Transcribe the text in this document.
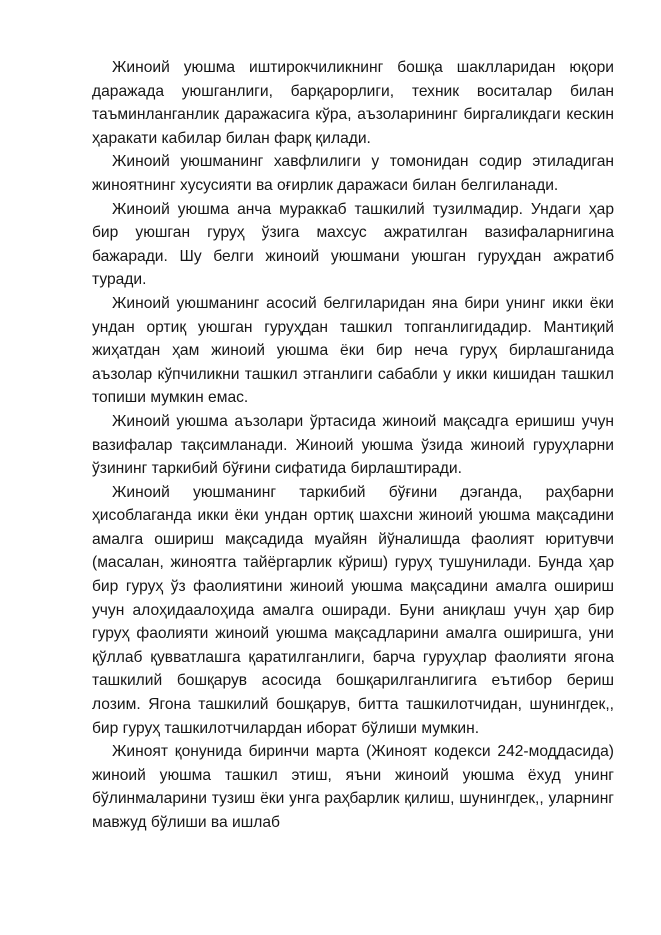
Жиноий уюшма иштирокчиликнинг бошқа шаклларидан юқори даражада уюшганлиги, барқарорлиги, техник воситалар билан таъминланганлик даражасига кўра, аъзоларининг биргаликдаги кескин ҳаракати кабилар билан фарқ қилади.

Жиноий уюшманинг хавфлилиги у томонидан содир этиладиган жиноятнинг хусусияти ва оғирлик даражаси билан белгиланади.

Жиноий уюшма анча мураккаб ташкилий тузилмадир. Ундаги ҳар бир уюшган гуруҳ ўзига махсус ажратилган вазифаларнигина бажаради. Шу белги жиноий уюшмани уюшган гуруҳдан ажратиб туради.

Жиноий уюшманинг асосий белгиларидан яна бири унинг икки ёки ундан ортиқ уюшган гуруҳдан ташкил топганлигидадир. Мантиқий жиҳатдан ҳам жиноий уюшма ёки бир неча гуруҳ бирлашганида аъзолар кўпчиликни ташкил этганлиги сабабли у икки кишидан ташкил топиши мумкин емас.

Жиноий уюшма аъзолари ўртасида жиноий мақсадга еришиш учун вазифалар тақсимланади. Жиноий уюшма ўзида жиноий гуруҳларни ўзининг таркибий бўғини сифатида бирлаштиради.

Жиноий уюшманинг таркибий бўғини дэганда, раҳбарни ҳисоблаганда икки ёки ундан ортиқ шахсни жиноий уюшма мақсадини амалга ошириш мақсадида муайян йўналишда фаолият юритувчи (масалан, жиноятга тайёргарлик кўриш) гуруҳ тушунилади. Бунда ҳар бир гуруҳ ўз фаолиятини жиноий уюшма мақсадини амалга ошириш учун алоҳидаалоҳида амалга оширади. Буни аниқлаш учун ҳар бир гуруҳ фаолияти жиноий уюшма мақсадларини амалга оширишга, уни қўллаб қувватлашга қаратилганлиги, барча гуруҳлар фаолияти ягона ташкилий бошқарув асосида бошқарилганлигига еътибор бериш лозим. Ягона ташкилий бошқарув, битта ташкилотчидан, шунингдек,, бир гуруҳ ташкилотчилардан иборат бўлиши мумкин.

Жиноят қонунида биринчи марта (Жиноят кодекси 242-моддасида) жиноий уюшма ташкил этиш, яъни жиноий уюшма ёхуд унинг бўлинмаларини тузиш ёки унга раҳбарлик қилиш, шунингдек,, уларнинг мавжуд бўлиши ва ишлаб
